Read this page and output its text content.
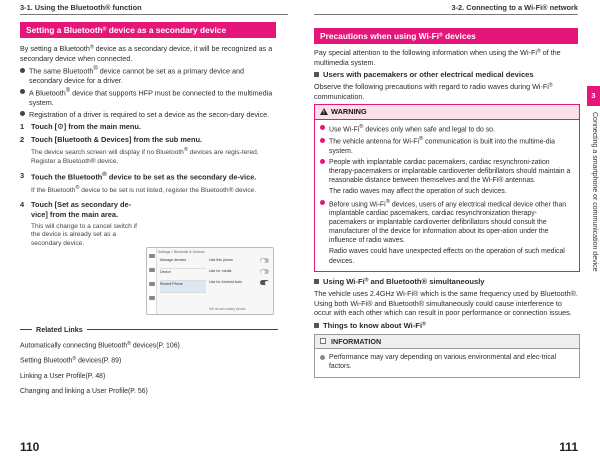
3-1. Using the Bluetooth® function
Setting a Bluetooth® device as a secondary device

By setting a Bluetooth® device as a secondary device, it will be recognized as a secondary device when connected.

The same Bluetooth® device cannot be set as a primary device and secondary device for a driver.
A Bluetooth® device that supports HFP must be connected to the multimedia system.
Registration of a driver is required to set a device as the secon-dary device.
1 Touch [⚙] from the main menu.
2 Touch [Bluetooth & Devices] from the sub menu.
The device search screen will display if no Bluetooth® devices are regis-tered. Register a Bluetooth® device.
3 Touch the Bluetooth® device to be set as the secondary de-vice.
If the Bluetooth® device to be set is not listed, register the Bluetooth® device.
4 Touch [Set as secondary de-vice] from the main area.
This will change to a cancel switch if the device is already set as a secondary device.
Settings > Bluetooth & Devices
Manage devices
Device
Recent Phone
Use this phone
Use for media
Use for Android Auto
Set as secondary device
Related Links
Automatically connecting Bluetooth® devices(P. 106)
Setting Bluetooth® devices(P. 89)
Linking a User Profile(P. 48)
Changing and linking a User Profile(P. 56)
110
3-2. Connecting to a Wi-Fi® network
Precautions when using Wi-Fi® devices

Pay special attention to the following information when using the Wi-Fi® of the multimedia system.

Users with pacemakers or other electrical medical devices

Observe the following precautions with regard to radio waves during Wi-Fi® communication.

!
WARNING
Use Wi-Fi® devices only when safe and legal to do so.
The vehicle antenna for Wi-Fi® communication is built into the multime-dia system.
People with implantable cardiac pacemakers, cardiac resynchroni-zation therapy-pacemakers or implantable cardioverter defibrillators should maintain a reasonable distance between themselves and the Wi-Fi® antennas.
The radio waves may affect the operation of such devices.
Before using Wi-Fi® devices, users of any electrical medical device other than implantable cardiac pacemakers, cardiac resynchronization therapy-pacemakers or implantable cardioverter defibrillators should consult the manufacturer of the device for information about its oper-ation under the influence of radio waves.
Radio waves could have unexpected effects on the operation of such medical devices.
Using Wi-Fi® and Bluetooth® simultaneously

The vehicle uses 2.4GHz Wi-Fi® which is the same frequency used by Bluetooth®. Using both Wi-Fi® and Bluetooth® simultaneously could cause interference to occur with each other which can result in poor performance or connection issues.

Things to know about Wi-Fi®
INFORMATION
Performance may vary depending on various environmental and elec-trical factors.
111
3
Connecting a smartphone or communication device
